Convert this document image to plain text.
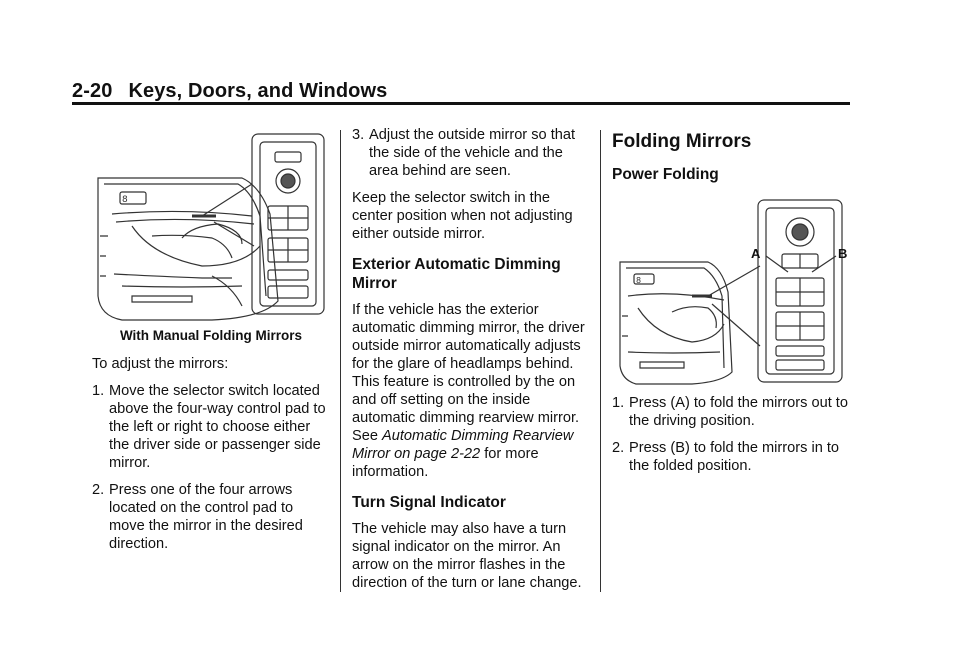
2-20 Keys, Doors, and Windows
8
With Manual Folding Mirrors

To adjust the mirrors:

1. Move the selector switch located above the four-way control pad to the left or right to choose either the driver side or passenger side mirror.
2. Press one of the four arrows located on the control pad to move the mirror in the desired direction.
3. Adjust the outside mirror so that the side of the vehicle and the area behind are seen.

Keep the selector switch in the center position when not adjusting either outside mirror.

Exterior Automatic Dimming Mirror

If the vehicle has the exterior automatic dimming mirror, the driver outside mirror automatically adjusts for the glare of headlamps behind. This feature is controlled by the on and off setting on the inside automatic dimming rearview mirror. See Automatic Dimming Rearview Mirror on page 2-22 for more information.

Turn Signal Indicator

The vehicle may also have a turn signal indicator on the mirror. An arrow on the mirror flashes in the direction of the turn or lane change.

Folding Mirrors
Power Folding
8
A	B
1. Press (A) to fold the mirrors out to the driving position.
2. Press (B) to fold the mirrors in to the folded position.
